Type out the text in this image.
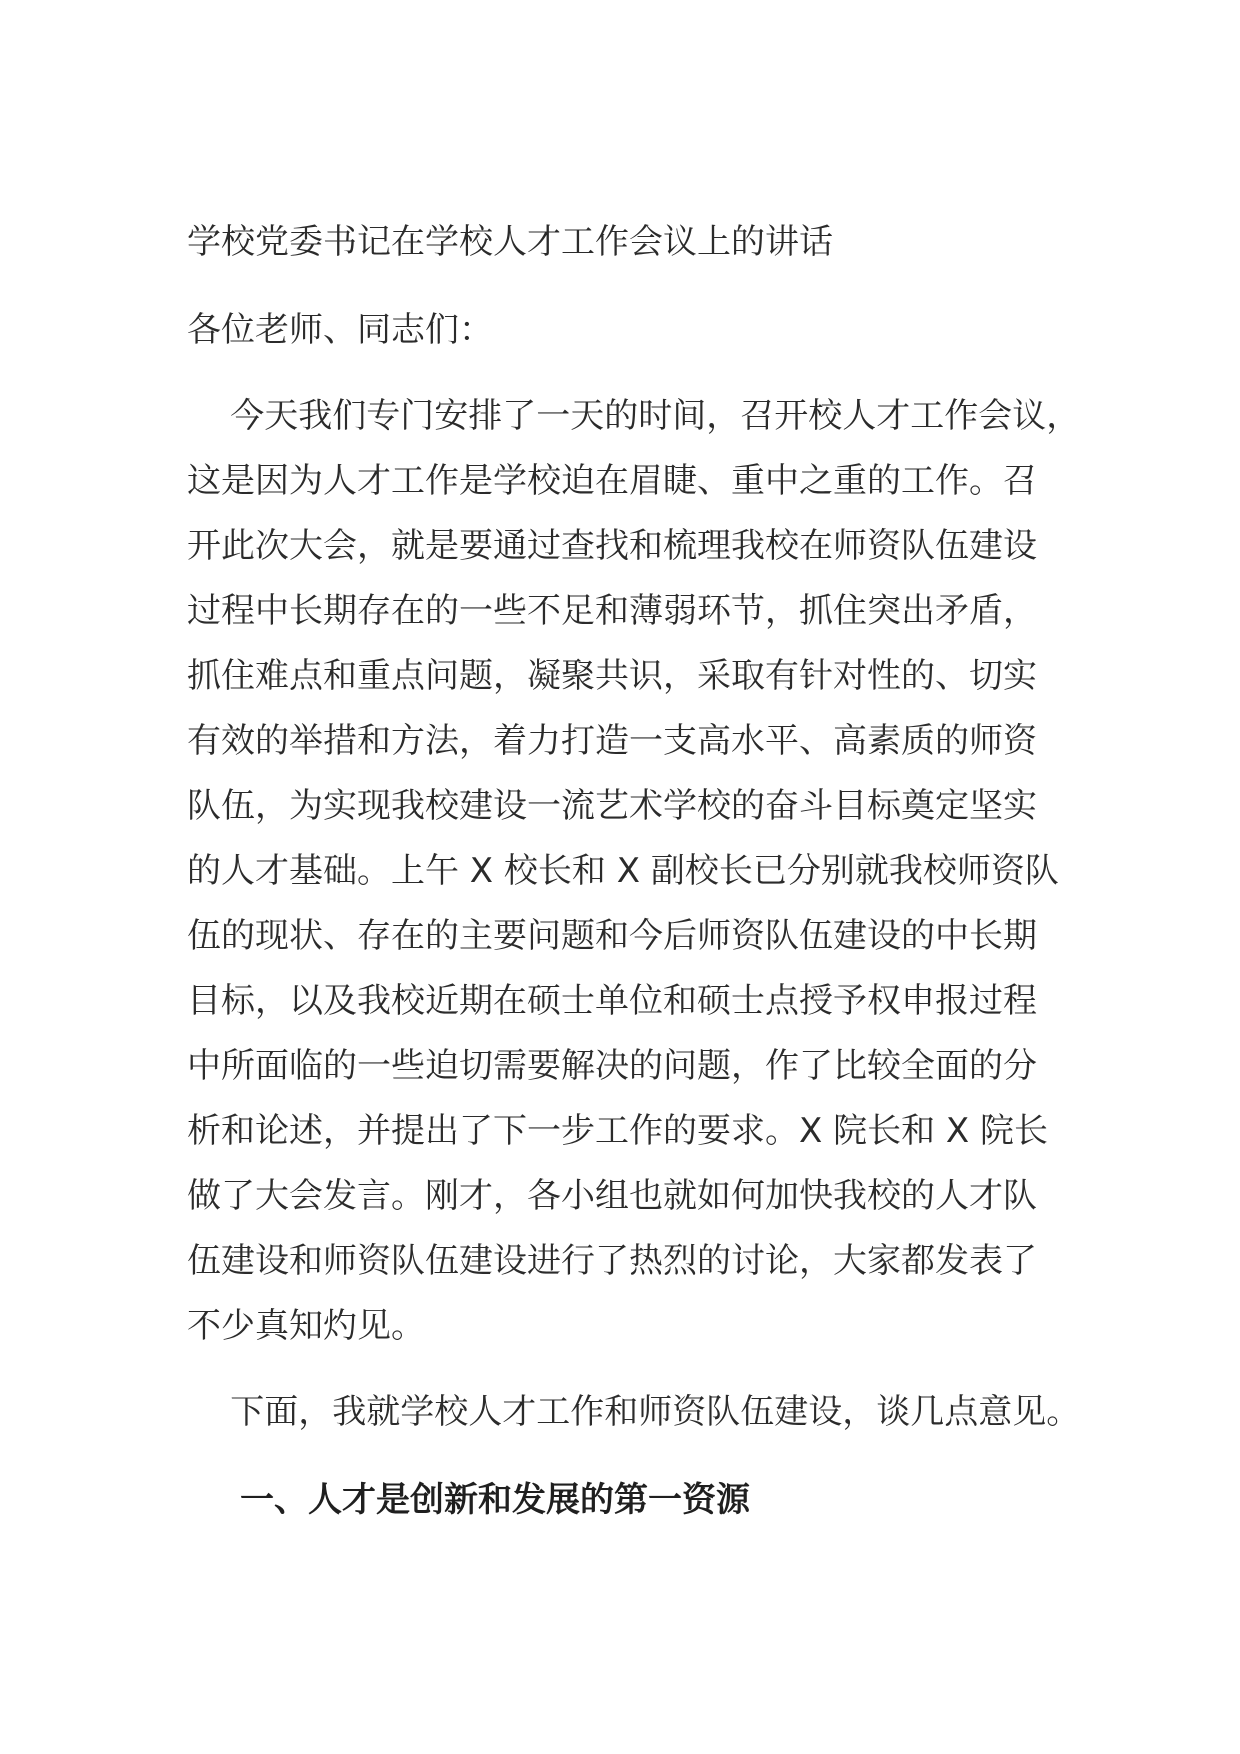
学校党委书记在学校人才工作会议上的讲话

各位老师、同志们：

今天我们专门安排了一天的时间，召开校人才工作会议，
这是因为人才工作是学校迫在眉睫、重中之重的工作。召
开此次大会，就是要通过查找和梳理我校在师资队伍建设
过程中长期存在的一些不足和薄弱环节，抓住突出矛盾，
抓住难点和重点问题，凝聚共识，采取有针对性的、切实
有效的举措和方法，着力打造一支高水平、高素质的师资
队伍，为实现我校建设一流艺术学校的奋斗目标奠定坚实
的人才基础。上午 X 校长和 X 副校长已分别就我校师资队
伍的现状、存在的主要问题和今后师资队伍建设的中长期
目标，以及我校近期在硕士单位和硕士点授予权申报过程
中所面临的一些迫切需要解决的问题，作了比较全面的分
析和论述，并提出了下一步工作的要求。X 院长和 X 院长
做了大会发言。刚才，各小组也就如何加快我校的人才队
伍建设和师资队伍建设进行了热烈的讨论，大家都发表了
不少真知灼见。
下面，我就学校人才工作和师资队伍建设，谈几点意见。
一、人才是创新和发展的第一资源
